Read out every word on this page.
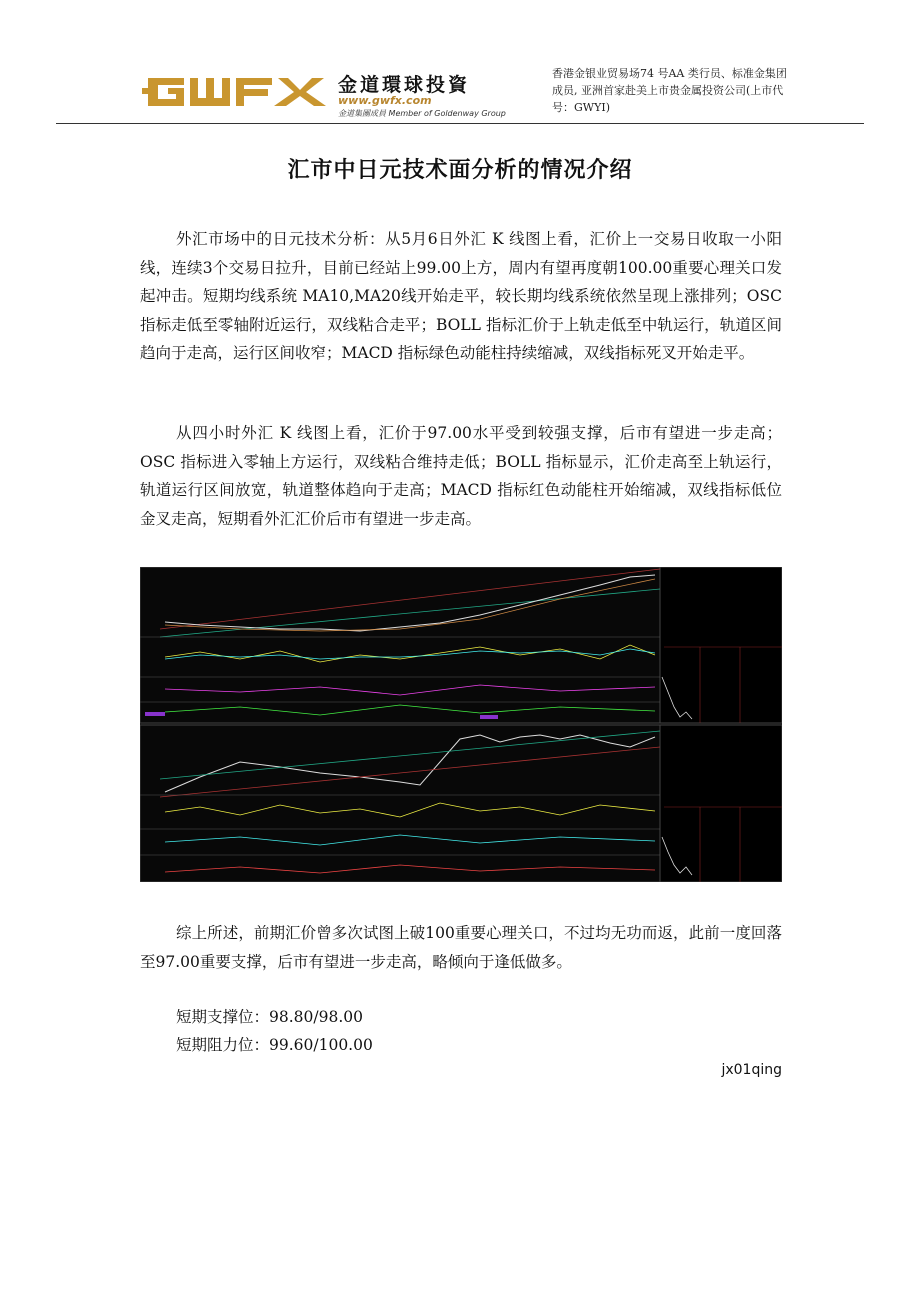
金道環球投資
www.gwfx.com
金道集團成員 Member of Goldenway Group
香港金银业贸易场74 号AA 类行员、标准金集团成员, 亚洲首家赴美上市贵金属投资公司(上市代号：GWYI)
汇市中日元技术面分析的情况介绍

外汇市场中的日元技术分析：从5月6日外汇 K 线图上看，汇价上一交易日收取一小阳线，连续3个交易日拉升，目前已经站上99.00上方，周内有望再度朝100.00重要心理关口发起冲击。短期均线系统 MA10,MA20线开始走平，较长期均线系统依然呈现上涨排列；OSC 指标走低至零轴附近运行，双线粘合走平；BOLL 指标汇价于上轨走低至中轨运行，轨道区间趋向于走高，运行区间收窄；MACD 指标绿色动能柱持续缩减，双线指标死叉开始走平。

从四小时外汇 K 线图上看，汇价于97.00水平受到较强支撑，后市有望进一步走高；OSC 指标进入零轴上方运行，双线粘合维持走低；BOLL 指标显示，汇价走高至上轨运行，轨道运行区间放宽，轨道整体趋向于走高；MACD 指标红色动能柱开始缩减，双线指标低位金叉走高，短期看外汇汇价后市有望进一步走高。

综上所述，前期汇价曾多次试图上破100重要心理关口，不过均无功而返，此前一度回落至97.00重要支撑，后市有望进一步走高，略倾向于逢低做多。

短期支撑位：98.80/98.00

短期阻力位：99.60/100.00

jx01qing
